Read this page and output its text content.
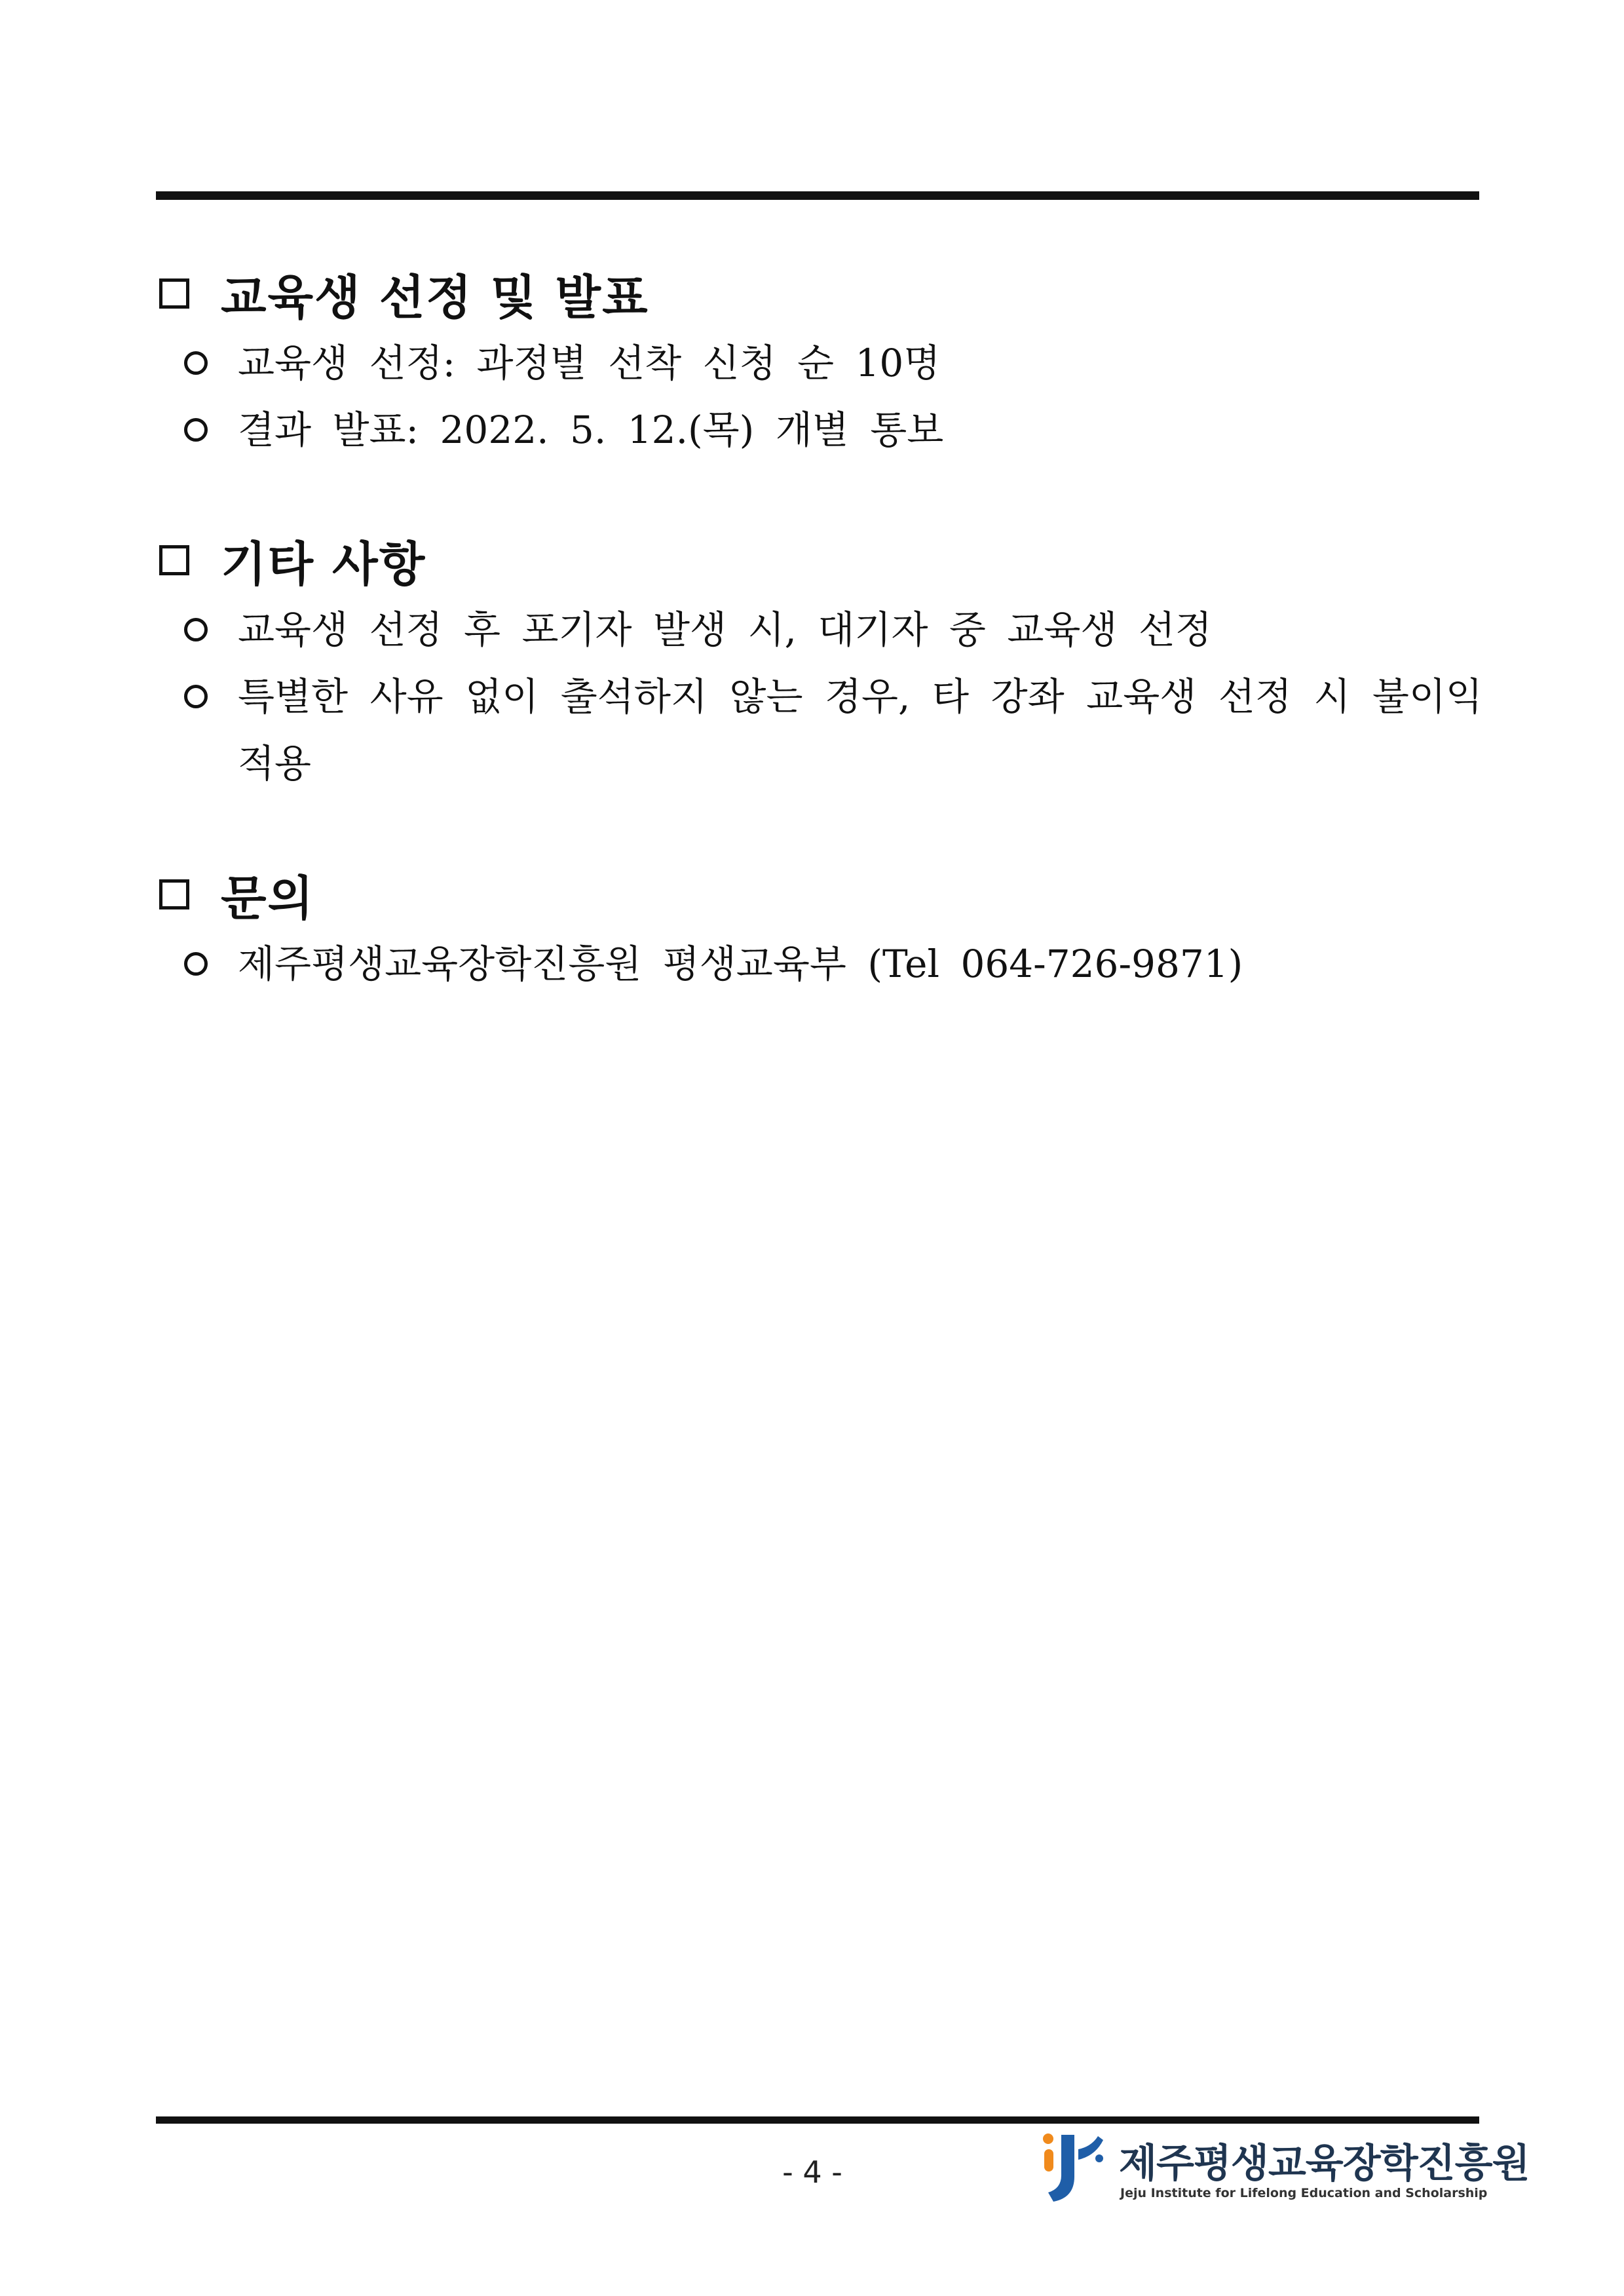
교육생 선정 및 발표
교육생 선정: 과정별 선착 신청 순 10명
결과 발표: 2022. 5. 12.(목) 개별 통보
기타 사항
교육생 선정 후 포기자 발생 시, 대기자 중 교육생 선정
특별한 사유 없이 출석하지 않는 경우, 타 강좌 교육생 선정 시 불이익 적용
문의
제주평생교육장학진흥원 평생교육부 (Tel 064-726-9871)
- 4 -	제주평생교육장학진흥원
Jeju Institute for Lifelong Education and Scholarship
